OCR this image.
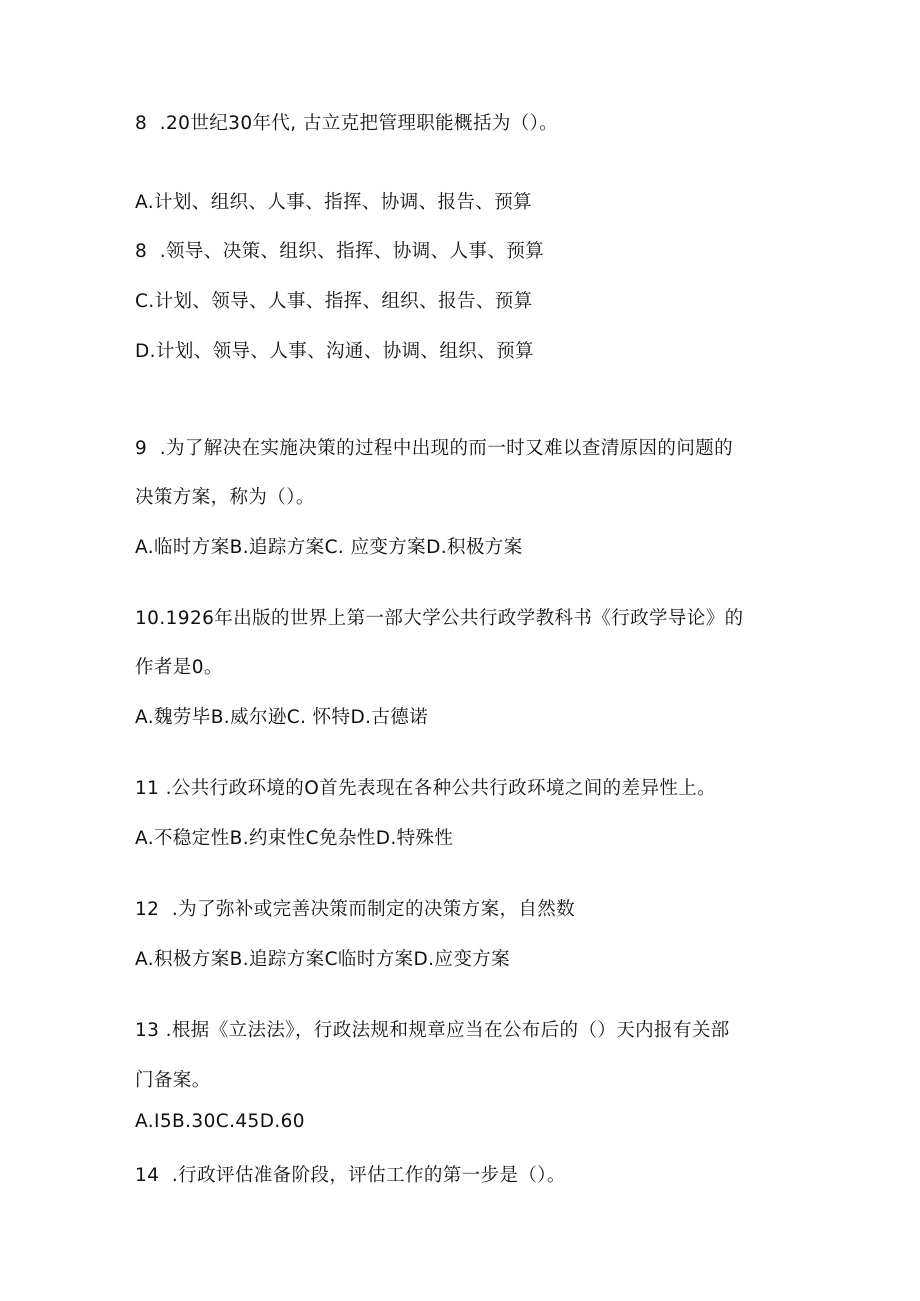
8  .20世纪30年代, 古立克把管理职能概括为（）。
A.计划、组织、人事、指挥、协调、报告、预算
8  .领导、决策、组织、指挥、协调、人事、预算
C.计划、领导、人事、指挥、组织、报告、预算
D.计划、领导、人事、沟通、协调、组织、预算
9  .为了解决在实施决策的过程中出现的而一时又难以查清原因的问题的
决策方案，称为（）。
A.临时方案B.追踪方案C. 应变方案D.积极方案
10.1926年出版的世界上第一部大学公共行政学教科书《行政学导论》的
作者是0。
A.魏劳毕B.威尔逊C. 怀特D.古德诺
11 .公共行政环境的O首先表现在各种公共行政环境之间的差异性上。
A.不稳定性B.约束性C免杂性D.特殊性
12  .为了弥补或完善决策而制定的决策方案，自然数
A.积极方案B.追踪方案C临时方案D.应变方案
13 .根据《立法法》，行政法规和规章应当在公布后的（）天内报有关部
门备案。
A.I5B.30C.45D.60
14  .行政评估准备阶段，评估工作的第一步是（）。
